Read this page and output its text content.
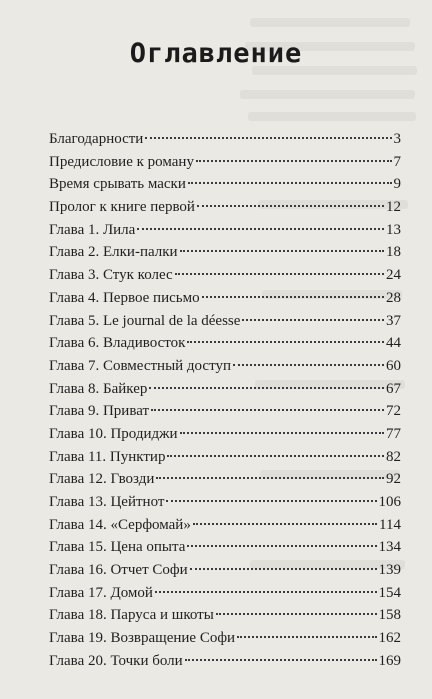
Оглавление
Благодарности	3
Предисловие к роману	7
Время срывать маски	9
Пролог к книге первой	12
Глава 1. Лила	13
Глава 2. Елки-палки	18
Глава 3. Стук колес	24
Глава 4. Первое письмо	28
Глава 5. Le journal de la déesse	37
Глава 6. Владивосток	44
Глава 7. Совместный доступ	60
Глава 8. Байкер	67
Глава 9. Приват	72
Глава 10. Продиджи	77
Глава 11. Пунктир	82
Глава 12. Гвозди	92
Глава 13. Цейтнот	106
Глава 14. «Серфомай»	114
Глава 15. Цена опыта	134
Глава 16. Отчет Софи	139
Глава 17. Домой	154
Глава 18. Паруса и шкоты	158
Глава 19. Возвращение Софи	162
Глава 20. Точки боли	169
